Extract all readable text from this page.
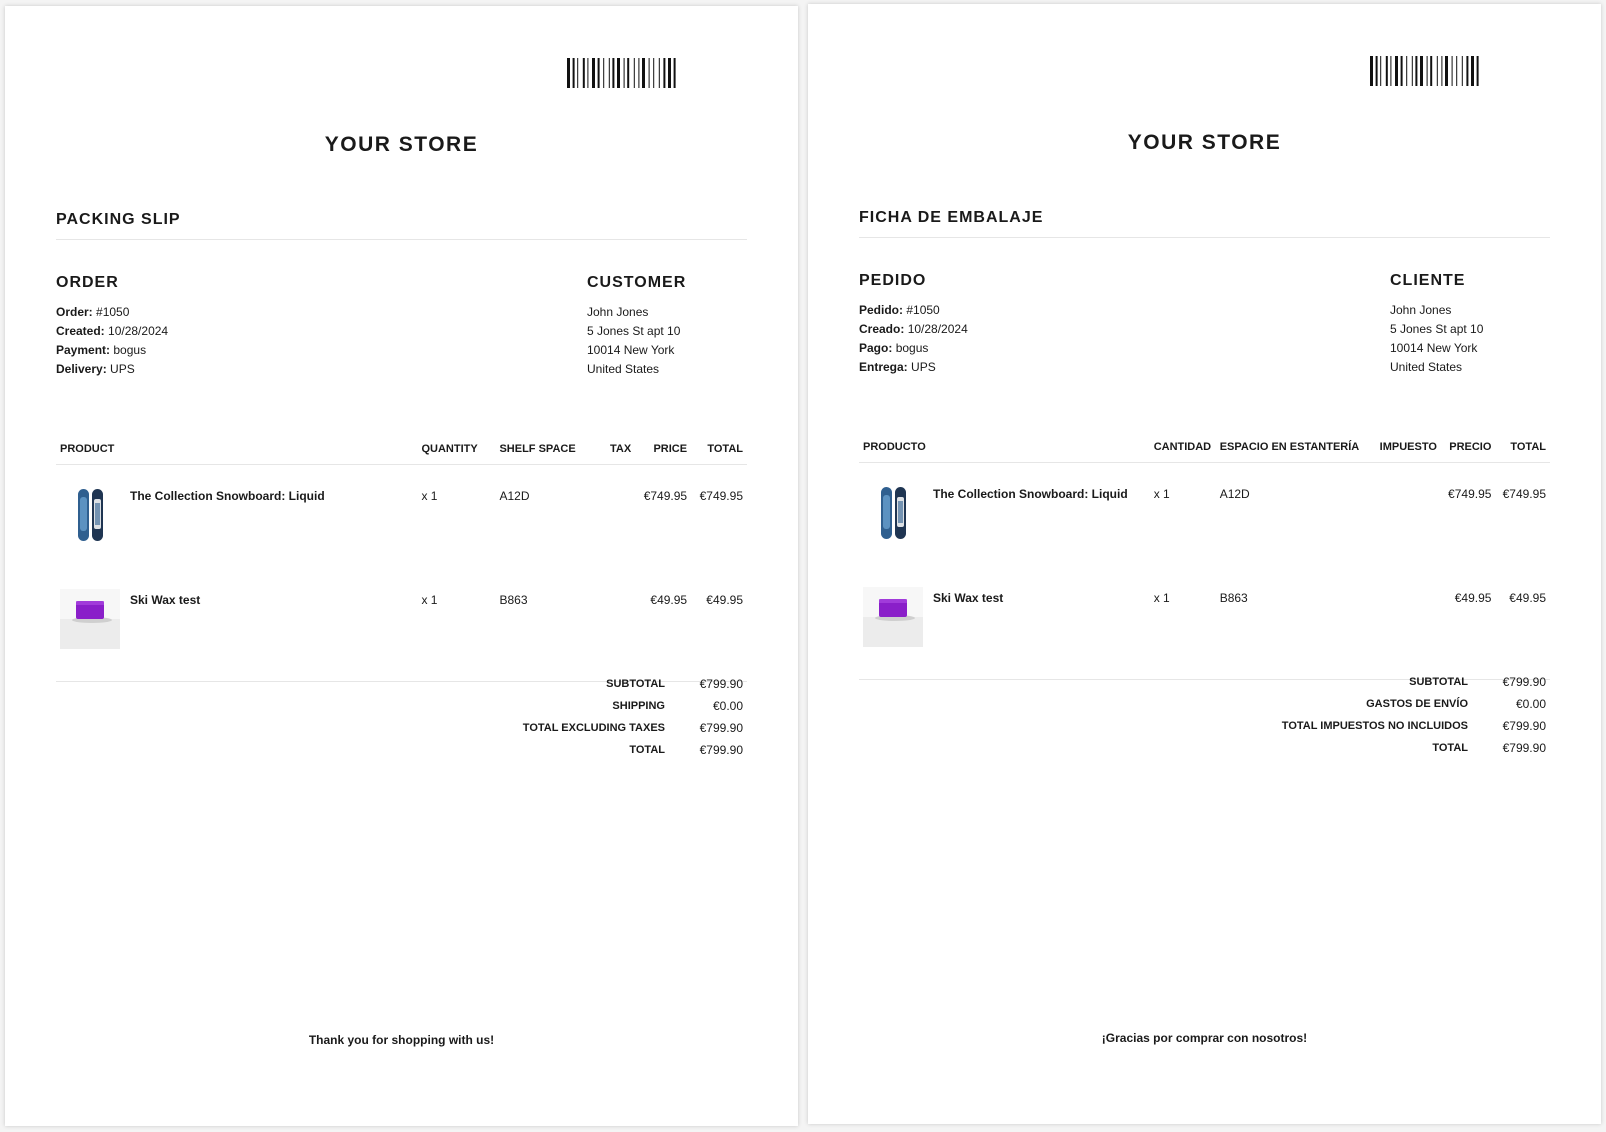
YOUR STORE
PACKING SLIP
ORDER
Order: #1050
Created: 10/28/2024
Payment: bogus
Delivery: UPS
CUSTOMER
John Jones
5 Jones St apt 10
10014 New York
United States
PRODUCT		QUANTITY	SHELF SPACE	TAX	PRICE	TOTAL

	The Collection Snowboard: Liquid	x 1	A12D		€749.95	€749.95

	Ski Wax test	x 1	B863		€49.95	€49.95
SUBTOTAL	€799.90
SHIPPING	€0.00
TOTAL EXCLUDING TAXES	€799.90
TOTAL	€799.90
Thank you for shopping with us!
YOUR STORE
FICHA DE EMBALAJE
PEDIDO
Pedido: #1050
Creado: 10/28/2024
Pago: bogus
Entrega: UPS
CLIENTE
John Jones
5 Jones St apt 10
10014 New York
United States
PRODUCTO		CANTIDAD	ESPACIO EN ESTANTERÍA	IMPUESTO	PRECIO	TOTAL

	The Collection Snowboard: Liquid	x 1	A12D		€749.95	€749.95

	Ski Wax test	x 1	B863		€49.95	€49.95
SUBTOTAL	€799.90
GASTOS DE ENVÍO	€0.00
TOTAL IMPUESTOS NO INCLUIDOS	€799.90
TOTAL	€799.90
¡Gracias por comprar con nosotros!
